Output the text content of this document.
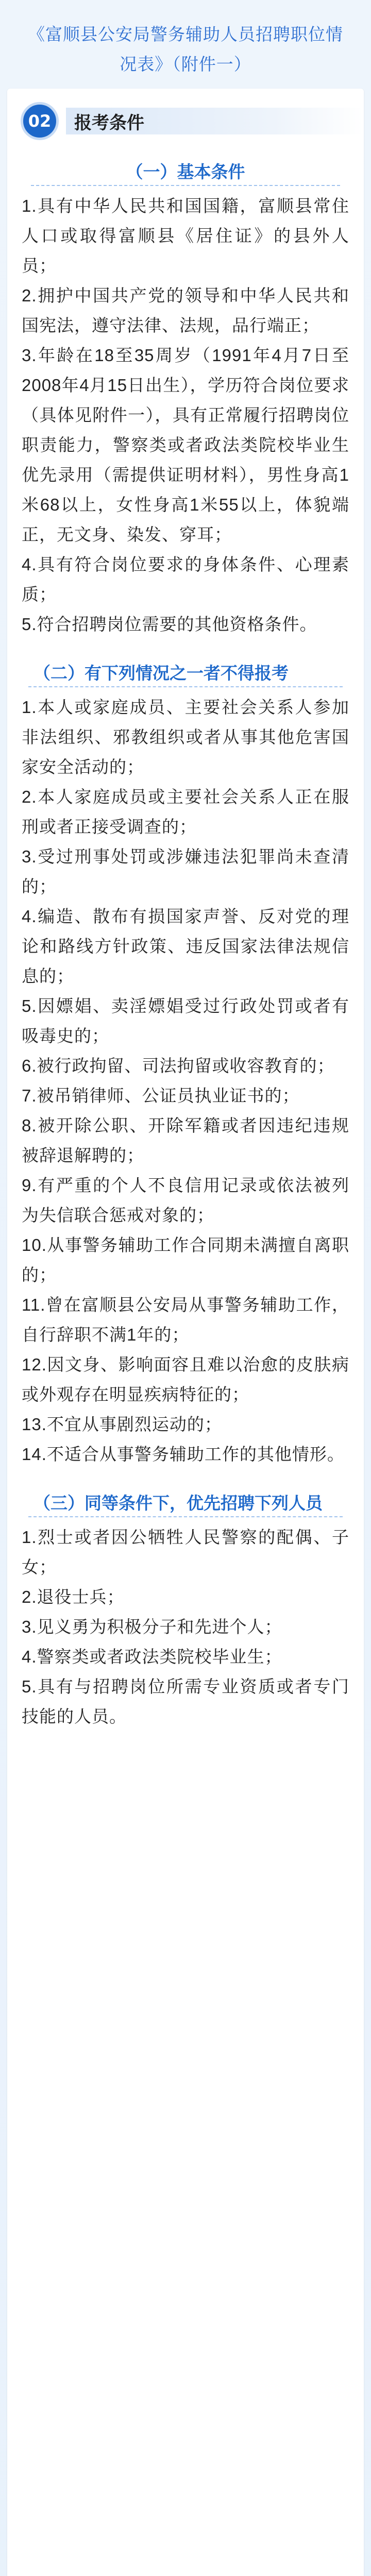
《富顺县公安局警务辅助人员招聘职位情况表》（附件一）
02	报考条件
（一）基本条件

1.具有中华人民共和国国籍，富顺县常住人口或取得富顺县《居住证》的县外人员；

2.拥护中国共产党的领导和中华人民共和国宪法，遵守法律、法规，品行端正；

3.年龄在18至35周岁（1991年4月7日至2008年4月15日出生），学历符合岗位要求（具体见附件一），具有正常履行招聘岗位职责能力，警察类或者政法类院校毕业生优先录用（需提供证明材料），男性身高1米68以上，女性身高1米55以上，体貌端正，无文身、染发、穿耳；

4.具有符合岗位要求的身体条件、心理素质；

5.符合招聘岗位需要的其他资格条件。

（二）有下列情况之一者不得报考

1.本人或家庭成员、主要社会关系人参加非法组织、邪教组织或者从事其他危害国家安全活动的；

2.本人家庭成员或主要社会关系人正在服刑或者正接受调查的；

3.受过刑事处罚或涉嫌违法犯罪尚未查清的；

4.编造、散布有损国家声誉、反对党的理论和路线方针政策、违反国家法律法规信息的；

5.因嫖娼、卖淫嫖娼受过行政处罚或者有吸毒史的；

6.被行政拘留、司法拘留或收容教育的；

7.被吊销律师、公证员执业证书的；

8.被开除公职、开除军籍或者因违纪违规被辞退解聘的；

9.有严重的个人不良信用记录或依法被列为失信联合惩戒对象的；

10.从事警务辅助工作合同期未满擅自离职的；

11.曾在富顺县公安局从事警务辅助工作，自行辞职不满1年的；

12.因文身、影响面容且难以治愈的皮肤病或外观存在明显疾病特征的；

13.不宜从事剧烈运动的；

14.不适合从事警务辅助工作的其他情形。

（三）同等条件下，优先招聘下列人员

1.烈士或者因公牺牲人民警察的配偶、子女；

2.退役士兵；

3.见义勇为积极分子和先进个人；

4.警察类或者政法类院校毕业生；

5.具有与招聘岗位所需专业资质或者专门技能的人员。
